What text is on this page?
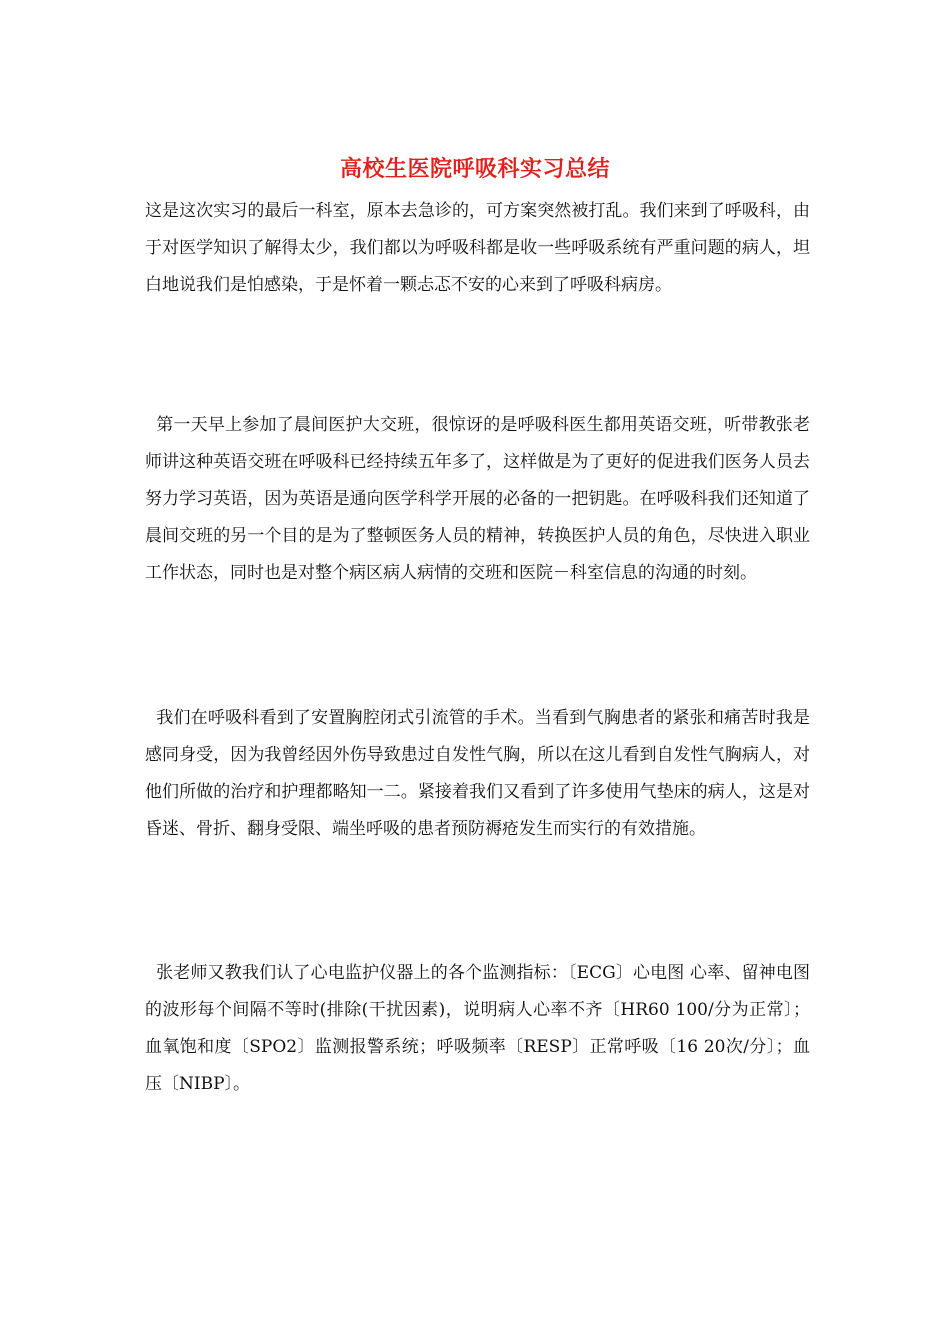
高校生医院呼吸科实习总结

这是这次实习的最后一科室，原本去急诊的，可方案突然被打乱。我们来到了呼吸科，由于对医学知识了解得太少，我们都以为呼吸科都是收一些呼吸系统有严重问题的病人，坦白地说我们是怕感染，于是怀着一颗忐忑不安的心来到了呼吸科病房。

第一天早上参加了晨间医护大交班，很惊讶的是呼吸科医生都用英语交班，听带教张老师讲这种英语交班在呼吸科已经持续五年多了，这样做是为了更好的促进我们医务人员去努力学习英语，因为英语是通向医学科学开展的必备的一把钥匙。在呼吸科我们还知道了晨间交班的另一个目的是为了整顿医务人员的精神，转换医护人员的角色，尽快进入职业工作状态，同时也是对整个病区病人病情的交班和医院－科室信息的沟通的时刻。

我们在呼吸科看到了安置胸腔闭式引流管的手术。当看到气胸患者的紧张和痛苦时我是感同身受，因为我曾经因外伤导致患过自发性气胸，所以在这儿看到自发性气胸病人，对他们所做的治疗和护理都略知一二。紧接着我们又看到了许多使用气垫床的病人，这是对昏迷、骨折、翻身受限、端坐呼吸的患者预防褥疮发生而实行的有效措施。

张老师又教我们认了心电监护仪器上的各个监测指标：〔ECG〕心电图 心率、留神电图的波形每个间隔不等时(排除(干扰因素)，说明病人心率不齐〔HR60 100/分为正常〕；血氧饱和度〔SPO2〕监测报警系统；呼吸频率〔RESP〕正常呼吸〔16 20次/分〕；血压〔NIBP〕。
